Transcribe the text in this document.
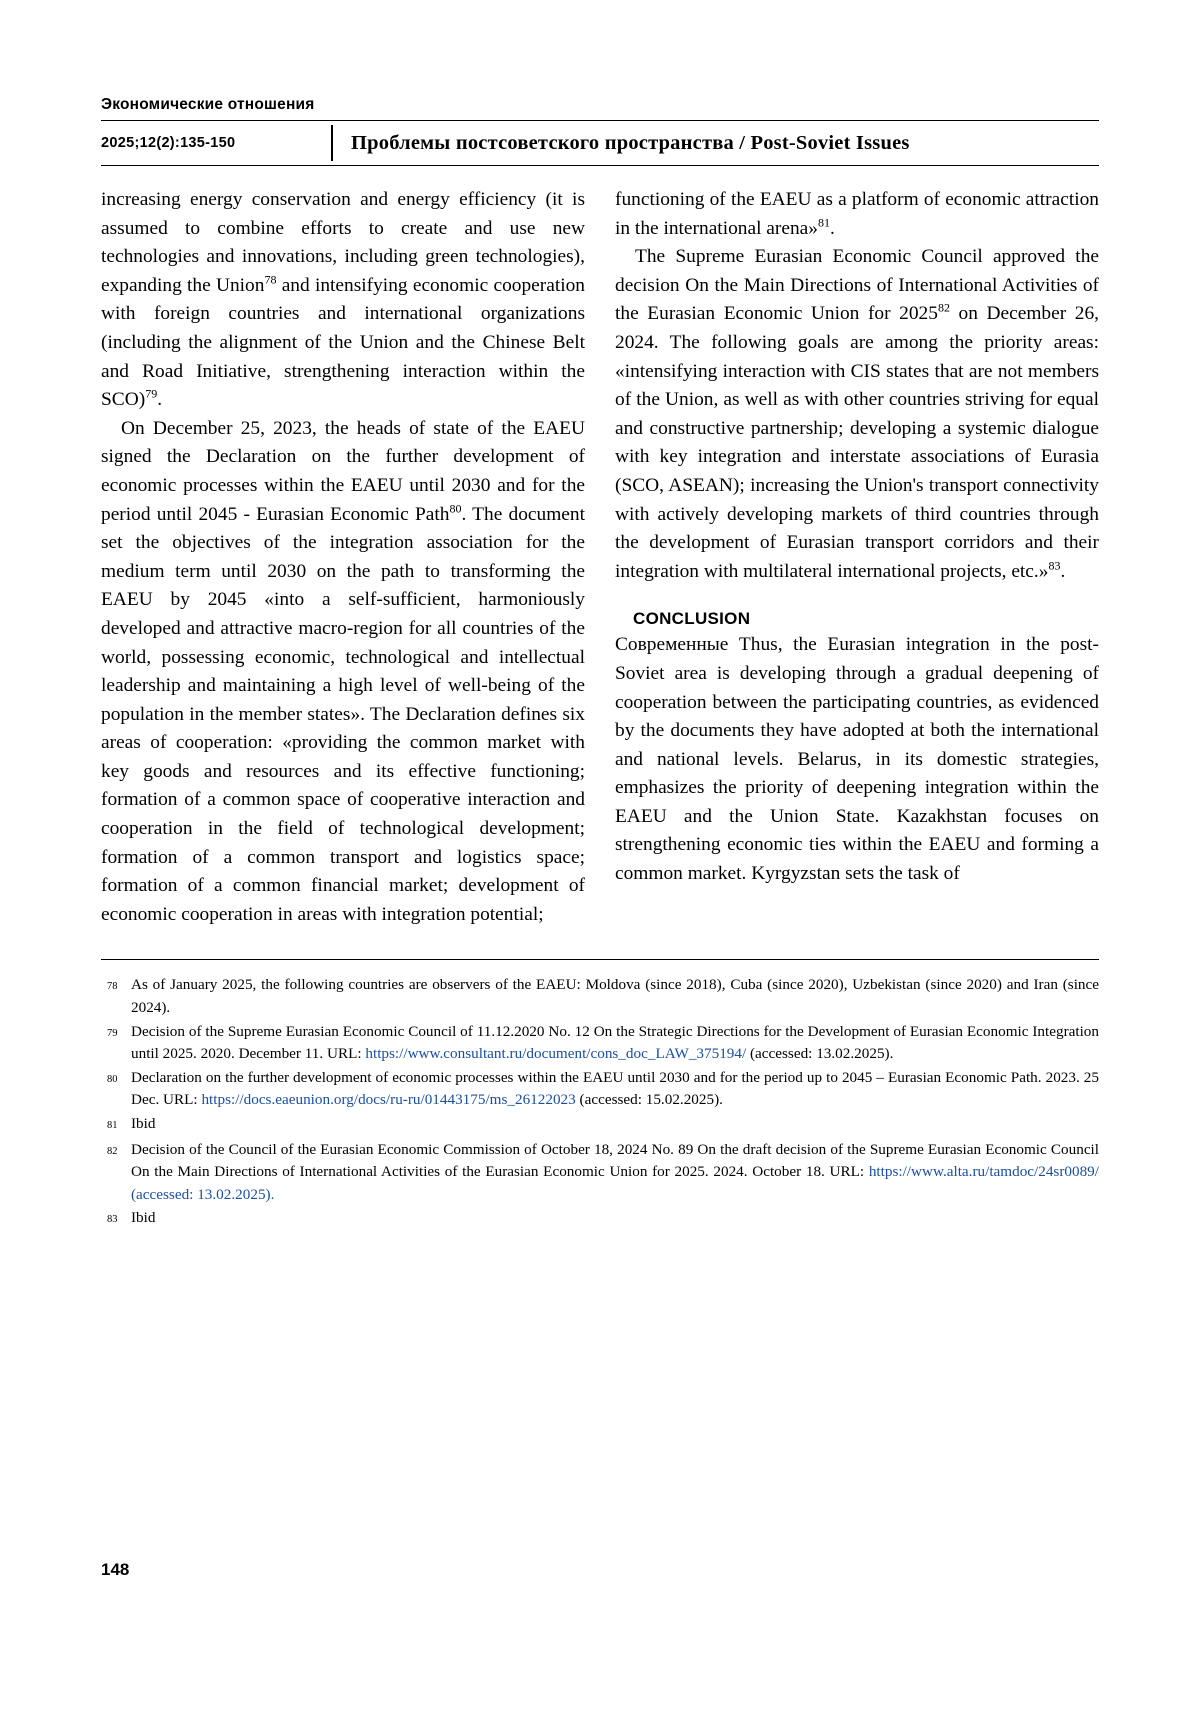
Экономические отношения
2025;12(2):135-150	Проблемы постсоветского пространства / Post-Soviet Issues

increasing energy conservation and energy efficiency (it is assumed to combine efforts to create and use new technologies and innovations, including green technologies), expanding the Union$^{78}$ and intensifying economic cooperation with foreign countries and international organizations (including the alignment of the Union and the Chinese Belt and Road Initiative, strengthening interaction within the SCO)$^{79}$.

On December 25, 2023, the heads of state of the EAEU signed the Declaration on the further development of economic processes within the EAEU until 2030 and for the period until 2045 - Eurasian Economic Path$^{80}$. The document set the objectives of the integration association for the medium term until 2030 on the path to transforming the EAEU by 2045 «into a self-sufficient, harmoniously developed and attractive macro-region for all countries of the world, possessing economic, technological and intellectual leadership and maintaining a high level of well-being of the population in the member states». The Declaration defines six areas of cooperation: «providing the common market with key goods and resources and its effective functioning; formation of a common space of cooperative interaction and cooperation in the field of technological development; formation of a common transport and logistics space; formation of a common financial market; development of economic cooperation in areas with integration potential;

functioning of the EAEU as a platform of economic attraction in the international arena»$^{81}$.

The Supreme Eurasian Economic Council approved the decision On the Main Directions of International Activities of the Eurasian Economic Union for 2025$^{82}$ on December 26, 2024. The following goals are among the priority areas: «intensifying interaction with CIS states that are not members of the Union, as well as with other countries striving for equal and constructive partnership; developing a systemic dialogue with key integration and interstate associations of Eurasia (SCO, ASEAN); increasing the Union's transport connectivity with actively developing markets of third countries through the development of Eurasian transport corridors and their integration with multilateral international projects, etc.»$^{83}$.

CONCLUSION

Современные Thus, the Eurasian integration in the post-Soviet area is developing through a gradual deepening of cooperation between the participating countries, as evidenced by the documents they have adopted at both the international and national levels. Belarus, in its domestic strategies, emphasizes the priority of deepening integration within the EAEU and the Union State. Kazakhstan focuses on strengthening economic ties within the EAEU and forming a common market. Kyrgyzstan sets the task of

78 As of January 2025, the following countries are observers of the EAEU: Moldova (since 2018), Cuba (since 2020), Uzbekistan (since 2020) and Iran (since 2024).
79 Decision of the Supreme Eurasian Economic Council of 11.12.2020 No. 12 On the Strategic Directions for the Development of Eurasian Economic Integration until 2025. 2020. December 11. URL: https://www.consultant.ru/document/cons_doc_LAW_375194/ (accessed: 13.02.2025).
80 Declaration on the further development of economic processes within the EAEU until 2030 and for the period up to 2045 – Eurasian Economic Path. 2023. 25 Dec. URL: https://docs.eaeunion.org/docs/ru-ru/01443175/ms_26122023 (accessed: 15.02.2025).
81 Ibid
82 Decision of the Council of the Eurasian Economic Commission of October 18, 2024 No. 89 On the draft decision of the Supreme Eurasian Economic Council On the Main Directions of International Activities of the Eurasian Economic Union for 2025. 2024. October 18. URL: https://www.alta.ru/tamdoc/24sr0089/ (accessed: 13.02.2025).
83 Ibid
148
